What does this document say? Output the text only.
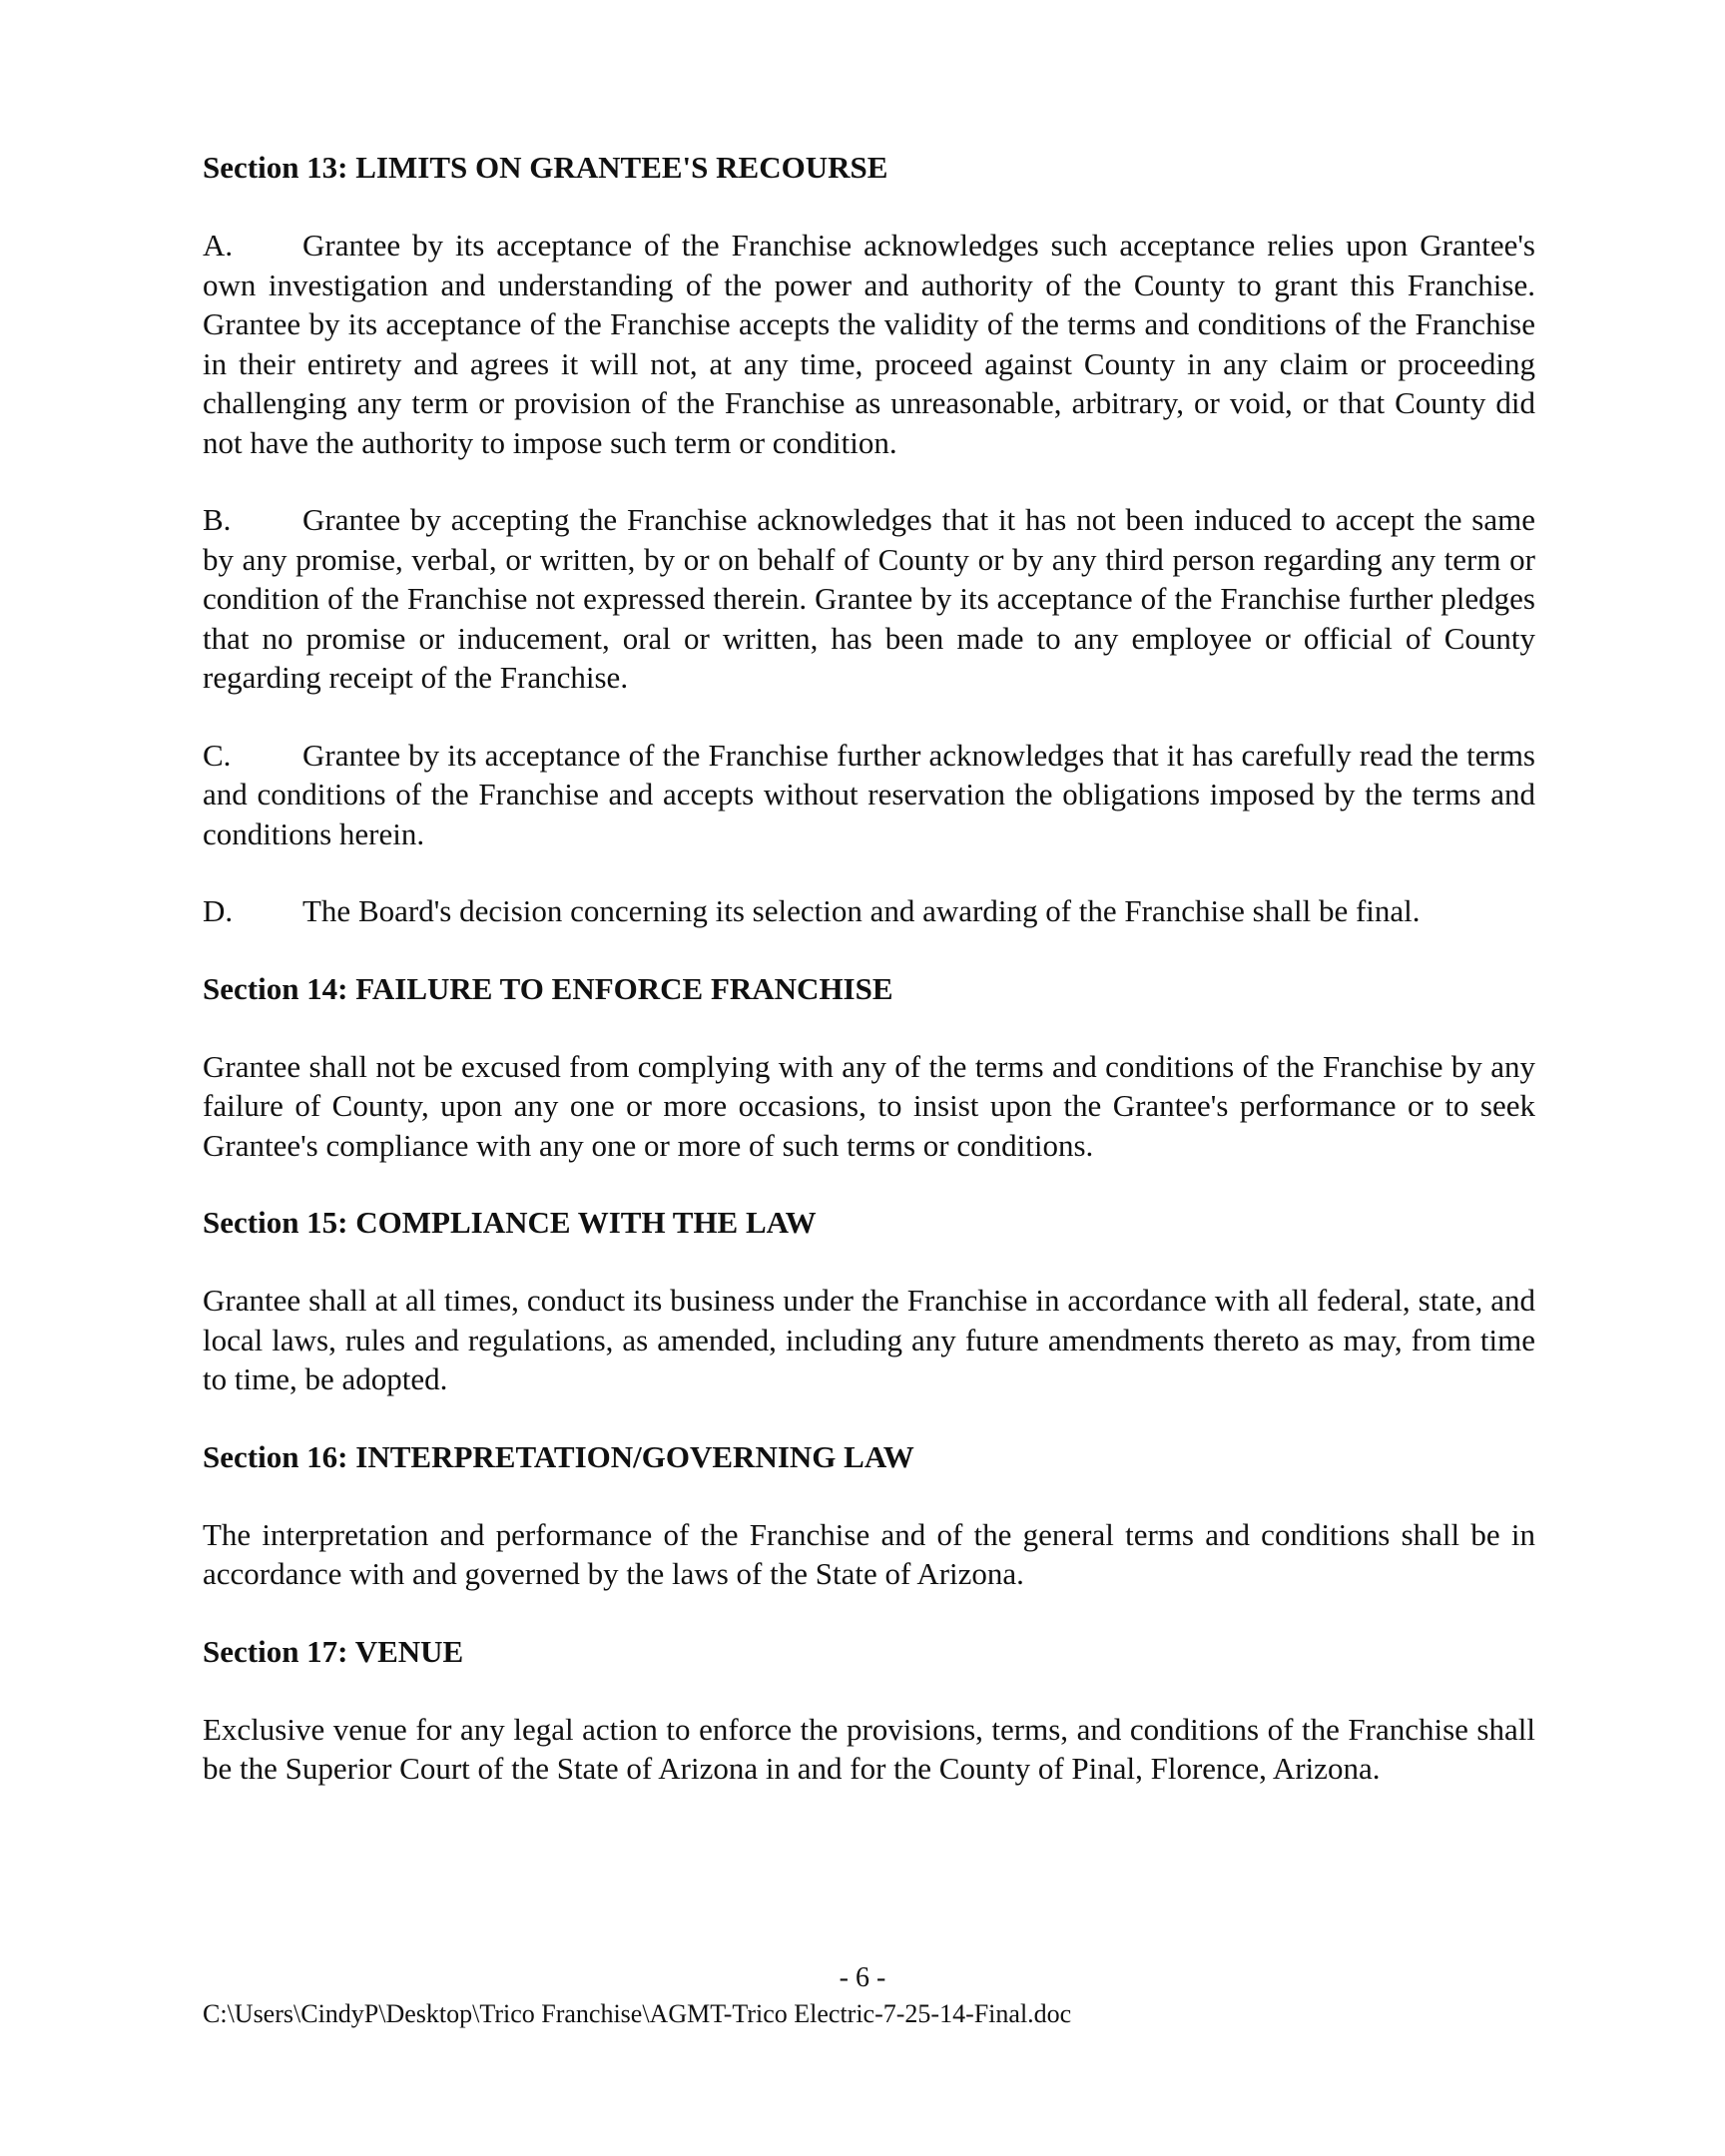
Section 13: LIMITS ON GRANTEE'S RECOURSE

A. Grantee by its acceptance of the Franchise acknowledges such acceptance relies upon Grantee's own investigation and understanding of the power and authority of the County to grant this Franchise. Grantee by its acceptance of the Franchise accepts the validity of the terms and conditions of the Franchise in their entirety and agrees it will not, at any time, proceed against County in any claim or proceeding challenging any term or provision of the Franchise as unreasonable, arbitrary, or void, or that County did not have the authority to impose such term or condition.

B. Grantee by accepting the Franchise acknowledges that it has not been induced to accept the same by any promise, verbal, or written, by or on behalf of County or by any third person regarding any term or condition of the Franchise not expressed therein. Grantee by its acceptance of the Franchise further pledges that no promise or inducement, oral or written, has been made to any employee or official of County regarding receipt of the Franchise.

C. Grantee by its acceptance of the Franchise further acknowledges that it has carefully read the terms and conditions of the Franchise and accepts without reservation the obligations imposed by the terms and conditions herein.

D. The Board's decision concerning its selection and awarding of the Franchise shall be final.

Section 14: FAILURE TO ENFORCE FRANCHISE

Grantee shall not be excused from complying with any of the terms and conditions of the Franchise by any failure of County, upon any one or more occasions, to insist upon the Grantee's performance or to seek Grantee's compliance with any one or more of such terms or conditions.

Section 15: COMPLIANCE WITH THE LAW

Grantee shall at all times, conduct its business under the Franchise in accordance with all federal, state, and local laws, rules and regulations, as amended, including any future amendments thereto as may, from time to time, be adopted.

Section 16: INTERPRETATION/GOVERNING LAW

The interpretation and performance of the Franchise and of the general terms and conditions shall be in accordance with and governed by the laws of the State of Arizona.

Section 17: VENUE

Exclusive venue for any legal action to enforce the provisions, terms, and conditions of the Franchise shall be the Superior Court of the State of Arizona in and for the County of Pinal, Florence, Arizona.

- 6 -
C:\Users\CindyP\Desktop\Trico Franchise\AGMT-Trico Electric-7-25-14-Final.doc
